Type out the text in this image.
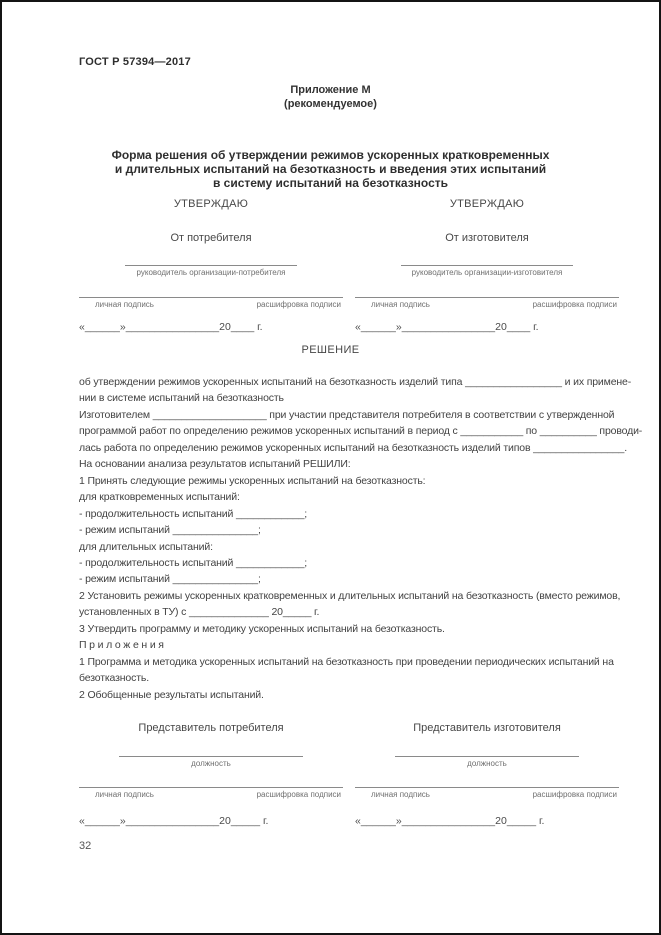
ГОСТ Р 57394—2017
Приложение М
(рекомендуемое)
Форма решения об утверждении режимов ускоренных кратковременных
и длительных испытаний на безотказность и введения этих испытаний
в систему испытаний на безотказность
УТВЕРЖДАЮ
От потребителя
руководитель организации-потребителя
личная подпись	расшифровка подписи
«______»________________20____ г.
УТВЕРЖДАЮ
От изготовителя
руководитель организации-изготовителя
личная подпись	расшифровка подписи
«______»________________20____ г.
РЕШЕНИЕ
об утверждении режимов ускоренных испытаний на безотказность изделий типа _________________ и их примене-
нии в системе испытаний на безотказность
Изготовителем ____________________ при участии представителя потребителя в соответствии с утвержденной
программой работ по определению режимов ускоренных испытаний в период с ___________ по __________ проводи-
лась работа по определению режимов ускоренных испытаний на безотказность изделий типов ________________.
На основании анализа результатов испытаний РЕШИЛИ:
1 Принять следующие режимы ускоренных испытаний на безотказность:
для кратковременных испытаний:
- продолжительность испытаний ____________;
- режим испытаний _______________;
для длительных испытаний:
- продолжительность испытаний ____________;
- режим испытаний _______________;
2 Установить режимы ускоренных кратковременных и длительных испытаний на безотказность (вместо режимов,
установленных в ТУ) с ______________ 20_____ г.
3 Утвердить программу и методику ускоренных испытаний на безотказность.
П р и л о ж е н и я
1 Программа и методика ускоренных испытаний на безотказность при проведении периодических испытаний на
безотказность.
2 Обобщенные результаты испытаний.
Представитель потребителя
должность
личная подпись	расшифровка подписи
«______»________________20_____ г.
Представитель изготовителя
должность
личная подпись	расшифровка подписи
«______»________________20_____ г.
32
